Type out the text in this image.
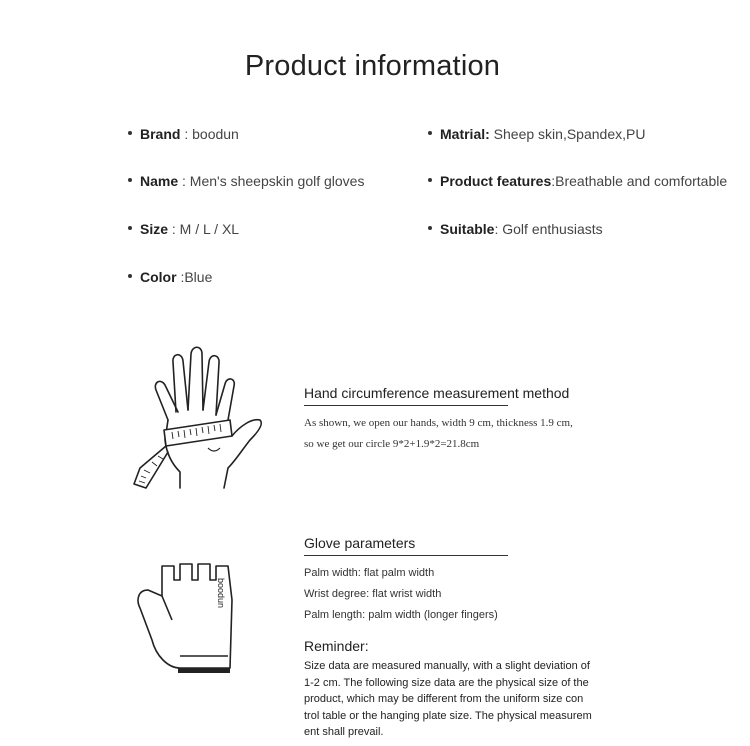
Product information
Brand : boodun
Name : Men's sheepskin golf gloves
Size : M / L / XL
Color :Blue
Matrial: Sheep skin,Spandex,PU
Product features:Breathable and comfortable
Suitable: Golf enthusiasts
Hand circumference measurement method
As shown, we open our hands, width 9 cm, thickness 1.9 cm,
so we get our circle 9*2+1.9*2=21.8cm
boodun
Glove parameters
Palm width: flat palm width
Wrist degree: flat wrist width
Palm length: palm width (longer fingers)
Reminder:
Size data are measured manually, with a slight deviation of
1-2 cm. The following size data are the physical size of the
product, which may be different from the uniform size con
trol table or the hanging plate size. The physical measurem
ent shall prevail.
